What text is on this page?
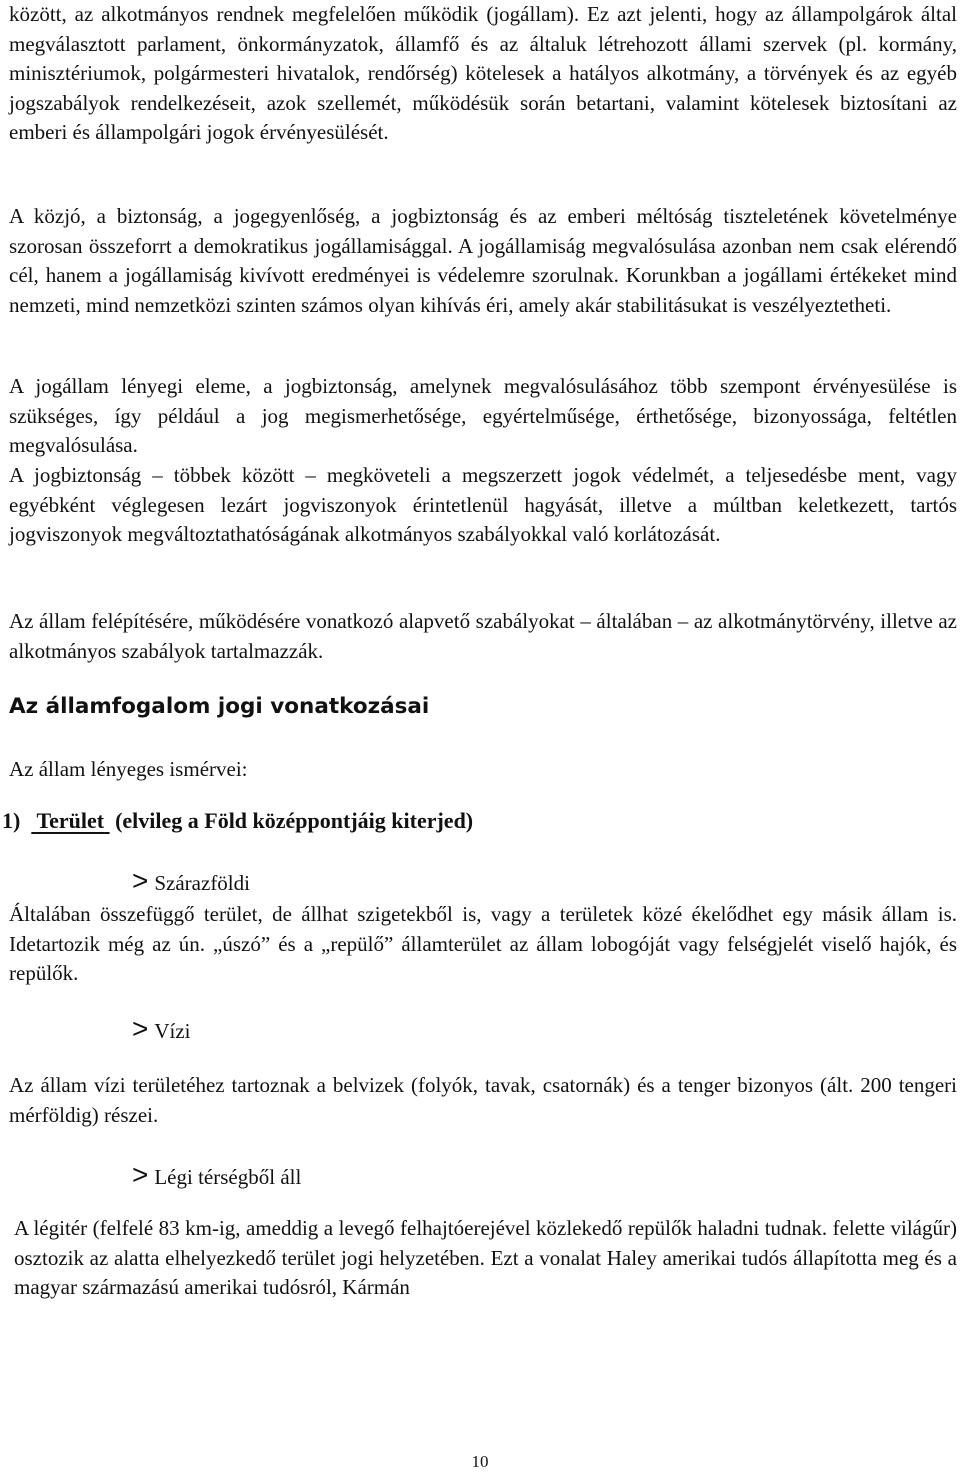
között, az alkotmányos rendnek megfelelően működik (jogállam). Ez azt jelenti, hogy az állampolgárok által megválasztott parlament, önkormányzatok, államfő és az általuk létrehozott állami szervek (pl. kormány, minisztériumok, polgármesteri hivatalok, rendőrség) kötelesek a hatályos alkotmány, a törvények és az egyéb jogszabályok rendelkezéseit, azok szellemét, működésük során betartani, valamint kötelesek biztosítani az emberi és állampolgári jogok érvényesülését.

A közjó, a biztonság, a jogegyenlőség, a jogbiztonság és az emberi méltóság tiszteletének követelménye szorosan összeforrt a demokratikus jogállamisággal. A jogállamiság megvalósulása azonban nem csak elérendő cél, hanem a jogállamiság kivívott eredményei is védelemre szorulnak. Korunkban a jogállami értékeket mind nemzeti, mind nemzetközi szinten számos olyan kihívás éri, amely akár stabilitásukat is veszélyeztetheti.

A jogállam lényegi eleme, a jogbiztonság, amelynek megvalósulásához több szempont érvényesülése is szükséges, így például a jog megismerhetősége, egyértelműsége, érthetősége, bizonyossága, feltétlen megvalósulása.

A jogbiztonság – többek között – megköveteli a megszerzett jogok védelmét, a teljesedésbe ment, vagy egyébként véglegesen lezárt jogviszonyok érintetlenül hagyását, illetve a múltban keletkezett, tartós jogviszonyok megváltoztathatóságának alkotmányos szabályokkal való korlátozását.

Az állam felépítésére, működésére vonatkozó alapvető szabályokat – általában – az alkotmánytörvény, illetve az alkotmányos szabályok tartalmazzák.

Az államfogalom jogi vonatkozásai
Az állam lényeges ismérvei:
1) Terület (elvileg a Föld középpontjáig kiterjed)
> Szárazföldi

Általában összefüggő terület, de állhat szigetekből is, vagy a területek közé ékelődhet egy másik állam is. Idetartozik még az ún. „úszó” és a „repülő” államterület az állam lobogóját vagy felségjelét viselő hajók, és repülők.

> Vízi

Az állam vízi területéhez tartoznak a belvizek (folyók, tavak, csatornák) és a tenger bizonyos (ált. 200 tengeri mérföldig) részei.

> Légi térségből áll

A légitér (felfelé 83 km-ig, ameddig a levegő felhajtóerejével közlekedő repülők haladni tudnak. felette világűr) osztozik az alatta elhelyezkedő terület jogi helyzetében. Ezt a vonalat Haley amerikai tudós állapította meg és a magyar származású amerikai tudósról, Kármán

10
